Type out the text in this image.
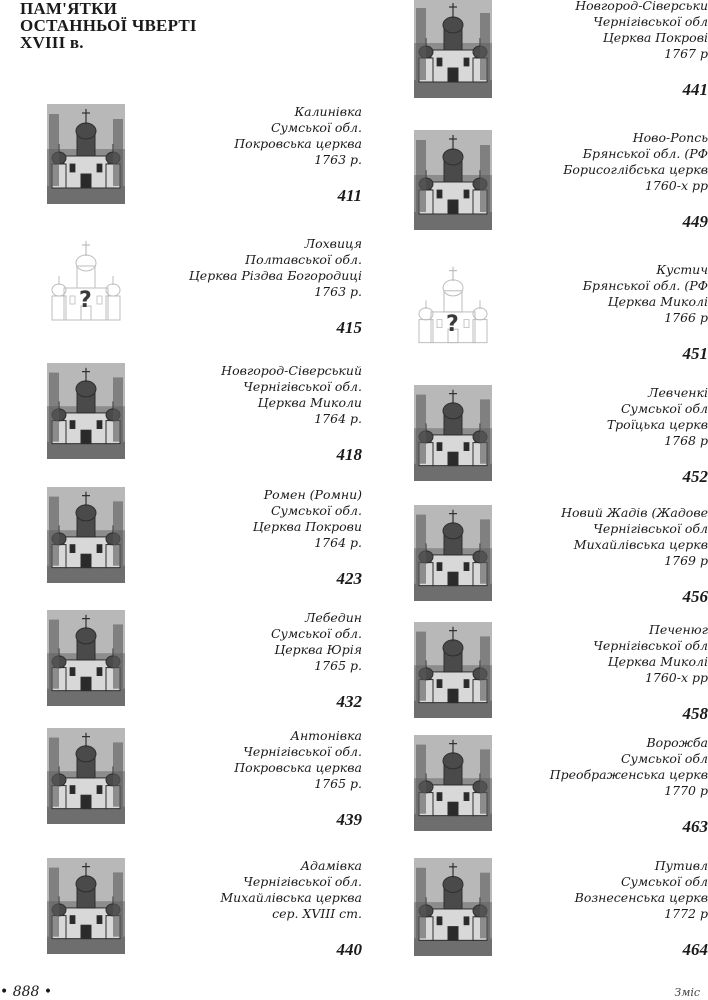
ПАМ'ЯТКИ
ОСТАННЬОЇ ЧВЕРТІ
XVIII в.
Калинівка
Сумської обл.
Покровська церква
1763 р.
411
?
Лохвиця
Полтавської обл.
Церква Різдва Богородиці
1763 р.
415
Новгород-Сіверський
Чернігівської обл.
Церква Миколи
1764 р.
418
Ромен (Ромни)
Сумської обл.
Церква Покрови
1764 р.
423
Лебедин
Сумської обл.
Церква Юрія
1765 р.
432
Антонівка
Чернігівської обл.
Покровська церква
1765 р.
439
Адамівка
Чернігівської обл.
Михайлівська церква
сер. XVIII ст.
440
Новгород-Сіверськи
Чернігівської обл
Церква Покрові
1767 р
441
Ново-Ропсь
Брянської обл. (РФ
Борисоглібська церкв
1760-х рр
449
?
Кустич
Брянської обл. (РФ
Церква Миколі
1766 р
451
Левченкі
Сумської обл
Троїцька церкв
1768 р
452
Новий Жадів (Жадове
Чернігівської обл
Михайлівська церкв
1769 р
456
Печенюг
Чернігівської обл
Церква Миколі
1760-х рр
458
Ворожба
Сумської обл
Преображенська церкв
1770 р
463
Путивл
Сумської обл
Вознесенська церкв
1772 р
464
• 888 •	Зміс
